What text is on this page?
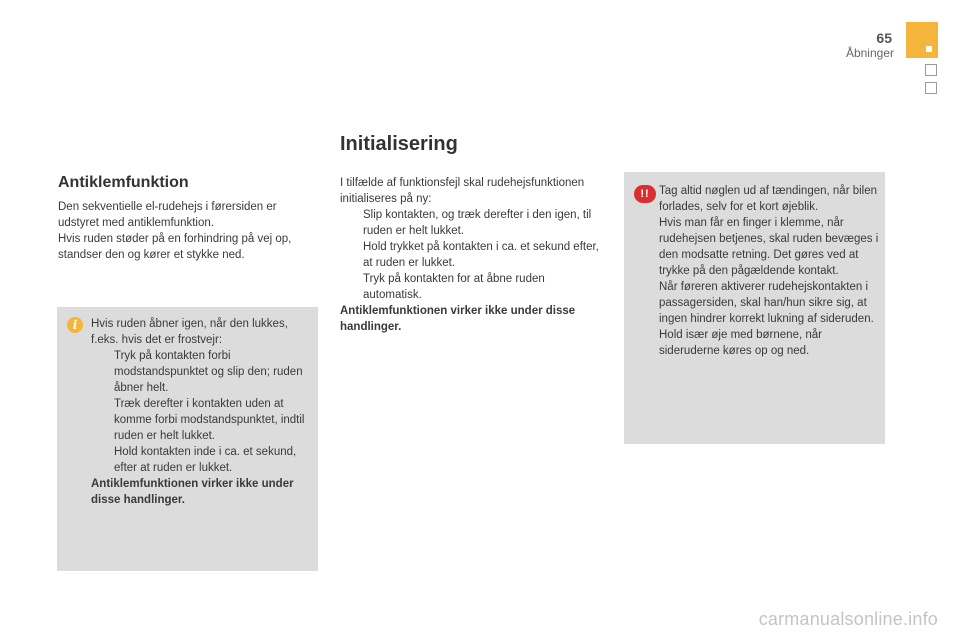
65
Åbninger
Antiklemfunktion

Den sekventielle el-rudehejs i førersiden er udstyret med antiklemfunktion.

Hvis ruden støder på en forhindring på vej op, standser den og kører et stykke ned.

i	Hvis ruden åbner igen, når den lukkes, f.eks. hvis det er frostvejr:

Tryk på kontakten forbi modstandspunktet og slip den; ruden åbner helt.
Træk derefter i kontakten uden at komme forbi modstandspunktet, indtil ruden er helt lukket.
Hold kontakten inde i ca. et sekund, efter at ruden er lukket.

Antiklemfunktionen virker ikke under disse handlinger.

Initialisering

I tilfælde af funktionsfejl skal rudehejsfunktionen initialiseres på ny:

Slip kontakten, og træk derefter i den igen, til ruden er helt lukket.
Hold trykket på kontakten i ca. et sekund efter, at ruden er lukket.
Tryk på kontakten for at åbne ruden automatisk.

Antiklemfunktionen virker ikke under disse handlinger.

!! Tag altid nøglen ud af tændingen, når bilen forlades, selv for et kort øjeblik.

Hvis man får en finger i klemme, når rudehejsen betjenes, skal ruden bevæges i den modsatte retning. Det gøres ved at trykke på den pågældende kontakt.

Når føreren aktiverer rudehejskontakten i passagersiden, skal han/hun sikre sig, at ingen hindrer korrekt lukning af sideruden.

Hold især øje med børnene, når sideruderne køres op og ned.

carmanualsonline.info
